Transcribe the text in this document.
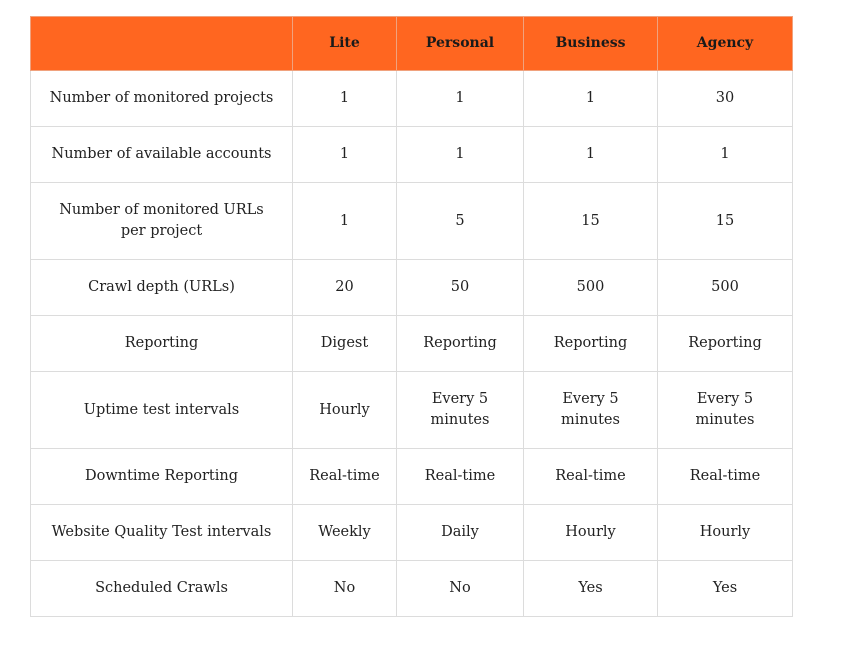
	Lite	Personal	Business	Agency
Number of monitored projects	1	1	1	30
Number of available accounts	1	1	1	1
Number of monitored URLs per project	1	5	15	15
Crawl depth (URLs)	20	50	500	500
Reporting	Digest	Reporting	Reporting	Reporting
Uptime test intervals	Hourly	Every 5 minutes	Every 5 minutes	Every 5 minutes
Downtime Reporting	Real-time	Real-time	Real-time	Real-time
Website Quality Test intervals	Weekly	Daily	Hourly	Hourly
Scheduled Crawls	No	No	Yes	Yes
